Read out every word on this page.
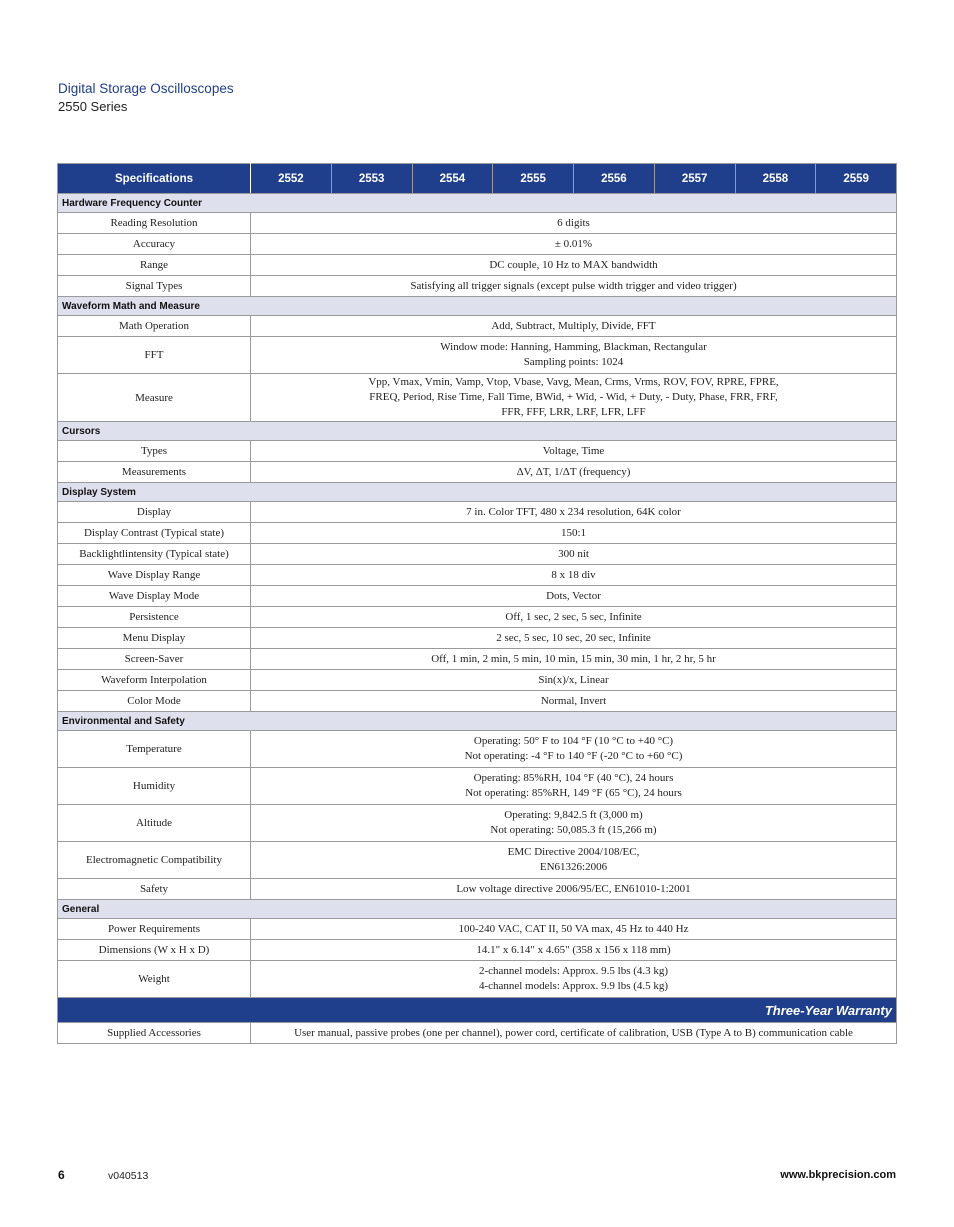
Digital Storage Oscilloscopes
2550 Series
Specifications	2552	2553	2554	2555	2556	2557	2558	2559
Hardware Frequency Counter								
Reading Resolution	6 digits							

Accuracy	± 0.01%							

Range	DC couple, 10 Hz to MAX bandwidth							

Signal Types	Satisfying all trigger signals (except pulse width trigger and video trigger)							

Waveform Math and Measure								
Math Operation	Add, Subtract, Multiply, Divide, FFT							

FFT	Window mode: Hanning, Hamming, Blackman, Rectangular
Sampling points: 1024							

Measure	Vpp, Vmax, Vmin, Vamp, Vtop, Vbase, Vavg, Mean, Crms, Vrms, ROV, FOV, RPRE, FPRE,
FREQ, Period, Rise Time, Fall Time, BWid, + Wid, - Wid, + Duty, - Duty, Phase, FRR, FRF,
FFR, FFF, LRR, LRF, LFR, LFF							

Cursors								
Types	Voltage, Time							

Measurements	ΔV, ΔT, 1/ΔT (frequency)							

Display System								
Display	7 in. Color TFT, 480 x 234 resolution, 64K color							

Display Contrast (Typical state)	150:1							

Backlightlintensity (Typical state)	300 nit							

Wave Display Range	8 x 18 div							

Wave Display Mode	Dots, Vector							

Persistence	Off, 1 sec, 2 sec, 5 sec, Infinite							

Menu Display	2 sec, 5 sec, 10 sec, 20 sec, Infinite							

Screen-Saver	Off, 1 min, 2 min, 5 min, 10 min, 15 min, 30 min, 1 hr, 2 hr, 5 hr							

Waveform Interpolation	Sin(x)/x, Linear							

Color Mode	Normal, Invert							

Environmental and Safety								
Temperature	Operating: 50° F to 104 °F (10 °C to +40 °C)
Not operating: -4 °F to 140 °F (-20 °C to +60 °C)							

Humidity	Operating: 85%RH, 104 °F (40 °C), 24 hours
Not operating: 85%RH, 149 °F (65 °C), 24 hours							

Altitude	Operating: 9,842.5 ft (3,000 m)
Not operating: 50,085.3 ft (15,266 m)							

Electromagnetic Compatibility	EMC Directive 2004/108/EC,
EN61326:2006							

Safety	Low voltage directive 2006/95/EC, EN61010-1:2001							

General								
Power Requirements	100-240 VAC, CAT II, 50 VA max, 45 Hz to 440 Hz							

Dimensions (W x H x D)	14.1" x 6.14" x 4.65" (358 x 156 x 118 mm)							

Weight	2-channel models: Approx. 9.5 lbs (4.3 kg)
4-channel models: Approx. 9.9 lbs (4.5 kg)							

Three-Year Warranty								
Supplied Accessories	User manual, passive probes (one per channel), power cord, certificate of calibration, USB (Type A to B) communication cable							
6	v040513	www.bkprecision.com
